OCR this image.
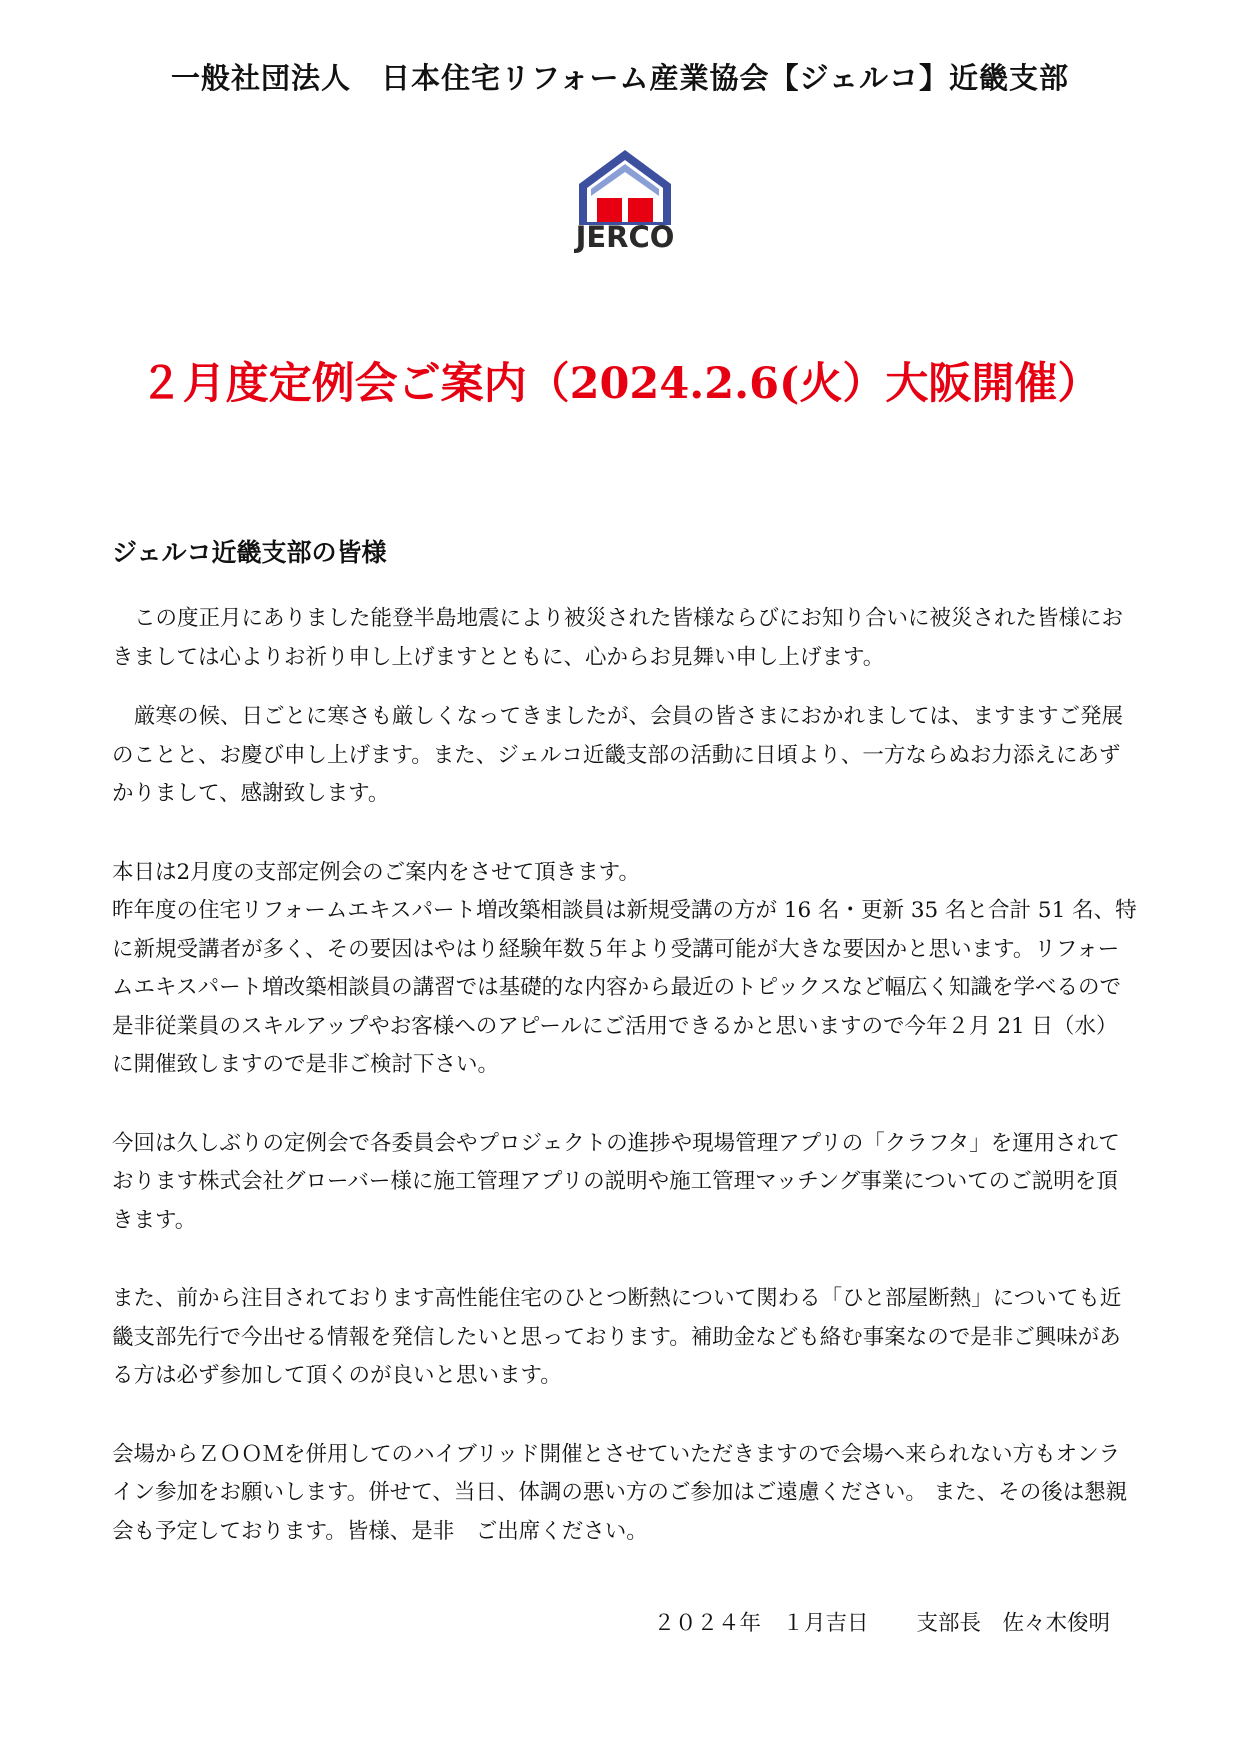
一般社団法人　日本住宅リフォーム産業協会【ジェルコ】近畿支部
JERCO
２月度定例会ご案内（2024.2.6(火）大阪開催）
ジェルコ近畿支部の皆様

この度正月にありました能登半島地震により被災された皆様ならびにお知り合いに被災された皆様におきましては心よりお祈り申し上げますとともに、心からお見舞い申し上げます。

厳寒の候、日ごとに寒さも厳しくなってきましたが、会員の皆さまにおかれましては、ますますご発展のことと、お慶び申し上げます。また、ジェルコ近畿支部の活動に日頃より、一方ならぬお力添えにあずかりまして、感謝致します。

本日は2月度の支部定例会のご案内をさせて頂きます。

昨年度の住宅リフォームエキスパート増改築相談員は新規受講の方が 16 名・更新 35 名と合計 51 名、特に新規受講者が多く、その要因はやはり経験年数５年より受講可能が大きな要因かと思います。リフォームエキスパート増改築相談員の講習では基礎的な内容から最近のトピックスなど幅広く知識を学べるので是非従業員のスキルアップやお客様へのアピールにご活用できるかと思いますので今年２月 21 日（水）に開催致しますので是非ご検討下さい。

今回は久しぶりの定例会で各委員会やプロジェクトの進捗や現場管理アプリの「クラフタ」を運用されております株式会社グローバー様に施工管理アプリの説明や施工管理マッチング事業についてのご説明を頂きます。

また、前から注目されております高性能住宅のひとつ断熱について関わる「ひと部屋断熱」についても近畿支部先行で今出せる情報を発信したいと思っております。補助金なども絡む事案なので是非ご興味がある方は必ず参加して頂くのが良いと思います。

会場からＺＯＯＭを併用してのハイブリッド開催とさせていただきますので会場へ来られない方もオンライン参加をお願いします。併せて、当日、体調の悪い方のご参加はご遠慮ください。 また、その後は懇親会も予定しております。皆様、是非　ご出席ください。

２０２４年　１月吉日 支部長　 佐々木俊明
